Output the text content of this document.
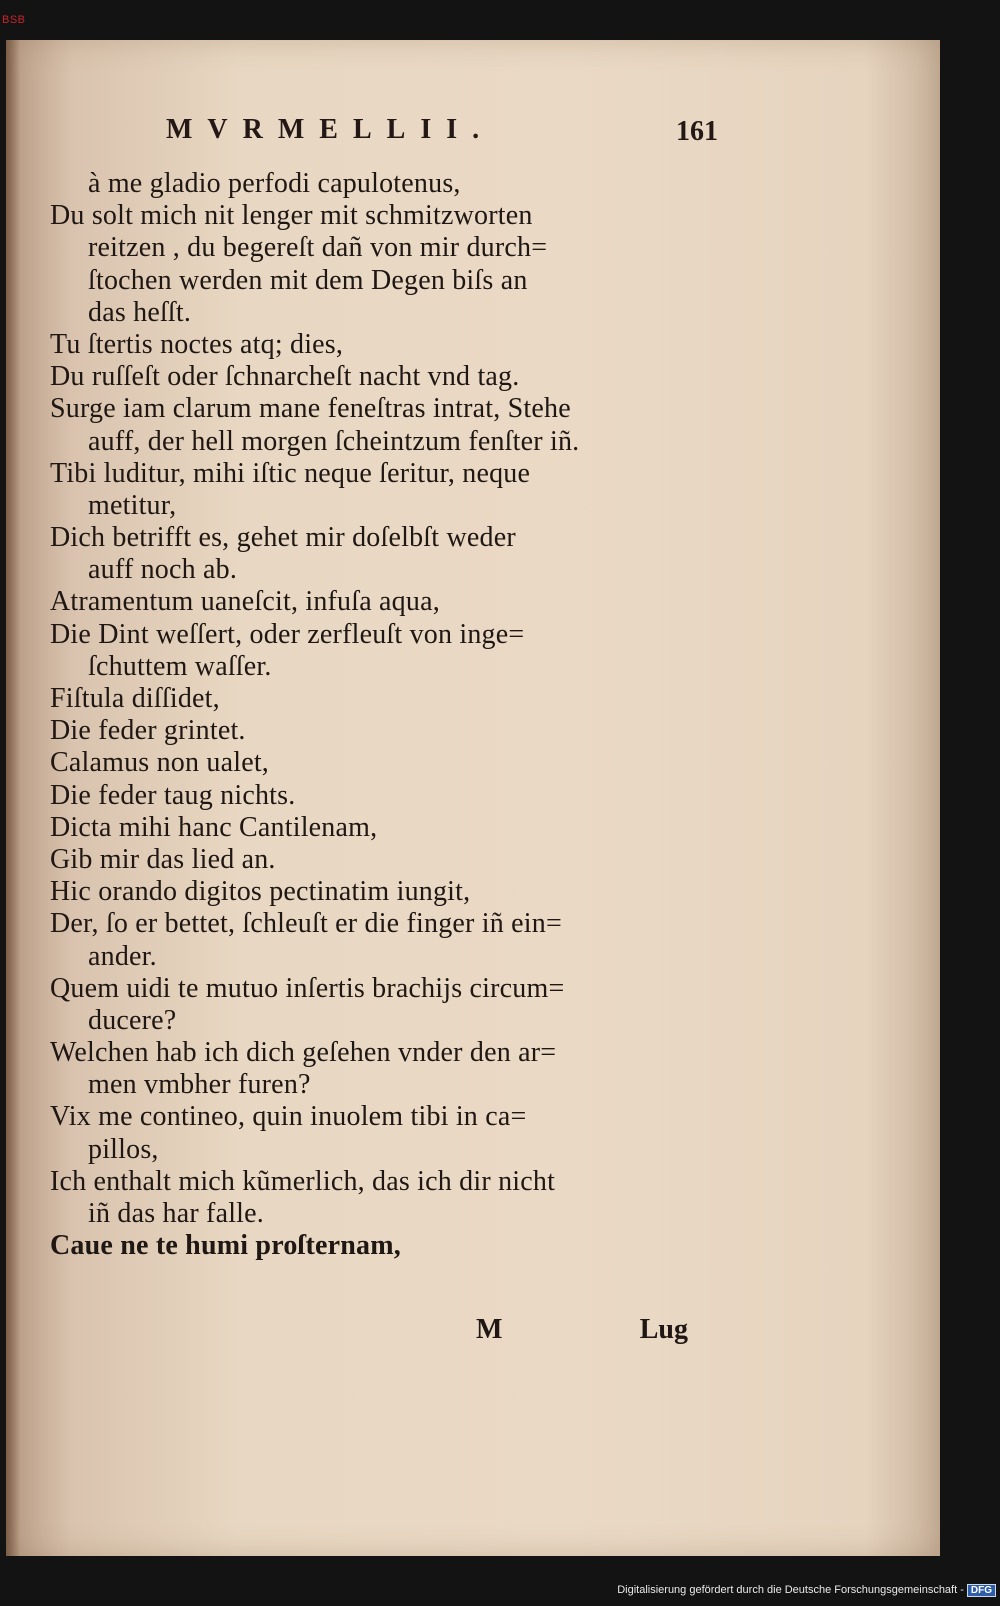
BSB
MVRMELLII.	161
à me gladio perfodi capulotenus,
Du solt mich nit lenger mit schmitzworten
reitzen , du begereſt dañ von mir durch=
ſtochen werden mit dem Degen biſs an
das heſſt.
Tu ſtertis noctes atq; dies,
Du ruſſeſt oder ſchnarcheſt nacht vnd tag.
Surge iam clarum mane feneſtras intrat, Stehe
auff, der hell morgen ſcheintzum fenſter iñ.
Tibi luditur, mihi iſtic neque ſeritur, neque
metitur,
Dich betrifft es, gehet mir doſelbſt weder
auff noch ab.
Atramentum uaneſcit, infuſa aqua,
Die Dint weſſert, oder zerfleuſt von inge=
ſchuttem waſſer.
Fiſtula diſſidet,
Die feder grintet.
Calamus non ualet,
Die feder taug nichts.
Dicta mihi hanc Cantilenam,
Gib mir das lied an.
Hic orando digitos pectinatim iungit,
Der, ſo er bettet, ſchleuſt er die finger iñ ein=
ander.
Quem uidi te mutuo inſertis brachijs circum=
ducere?
Welchen hab ich dich geſehen vnder den ar=
men vmbher furen?
Vix me contineo, quin inuolem tibi in ca=
pillos,
Ich enthalt mich kũmerlich, das ich dir nicht
iñ das har falle.
Caue ne te humi proſternam,
M	Lug
Digitalisierung gefördert durch die Deutsche Forschungsgemeinschaft - DFG
